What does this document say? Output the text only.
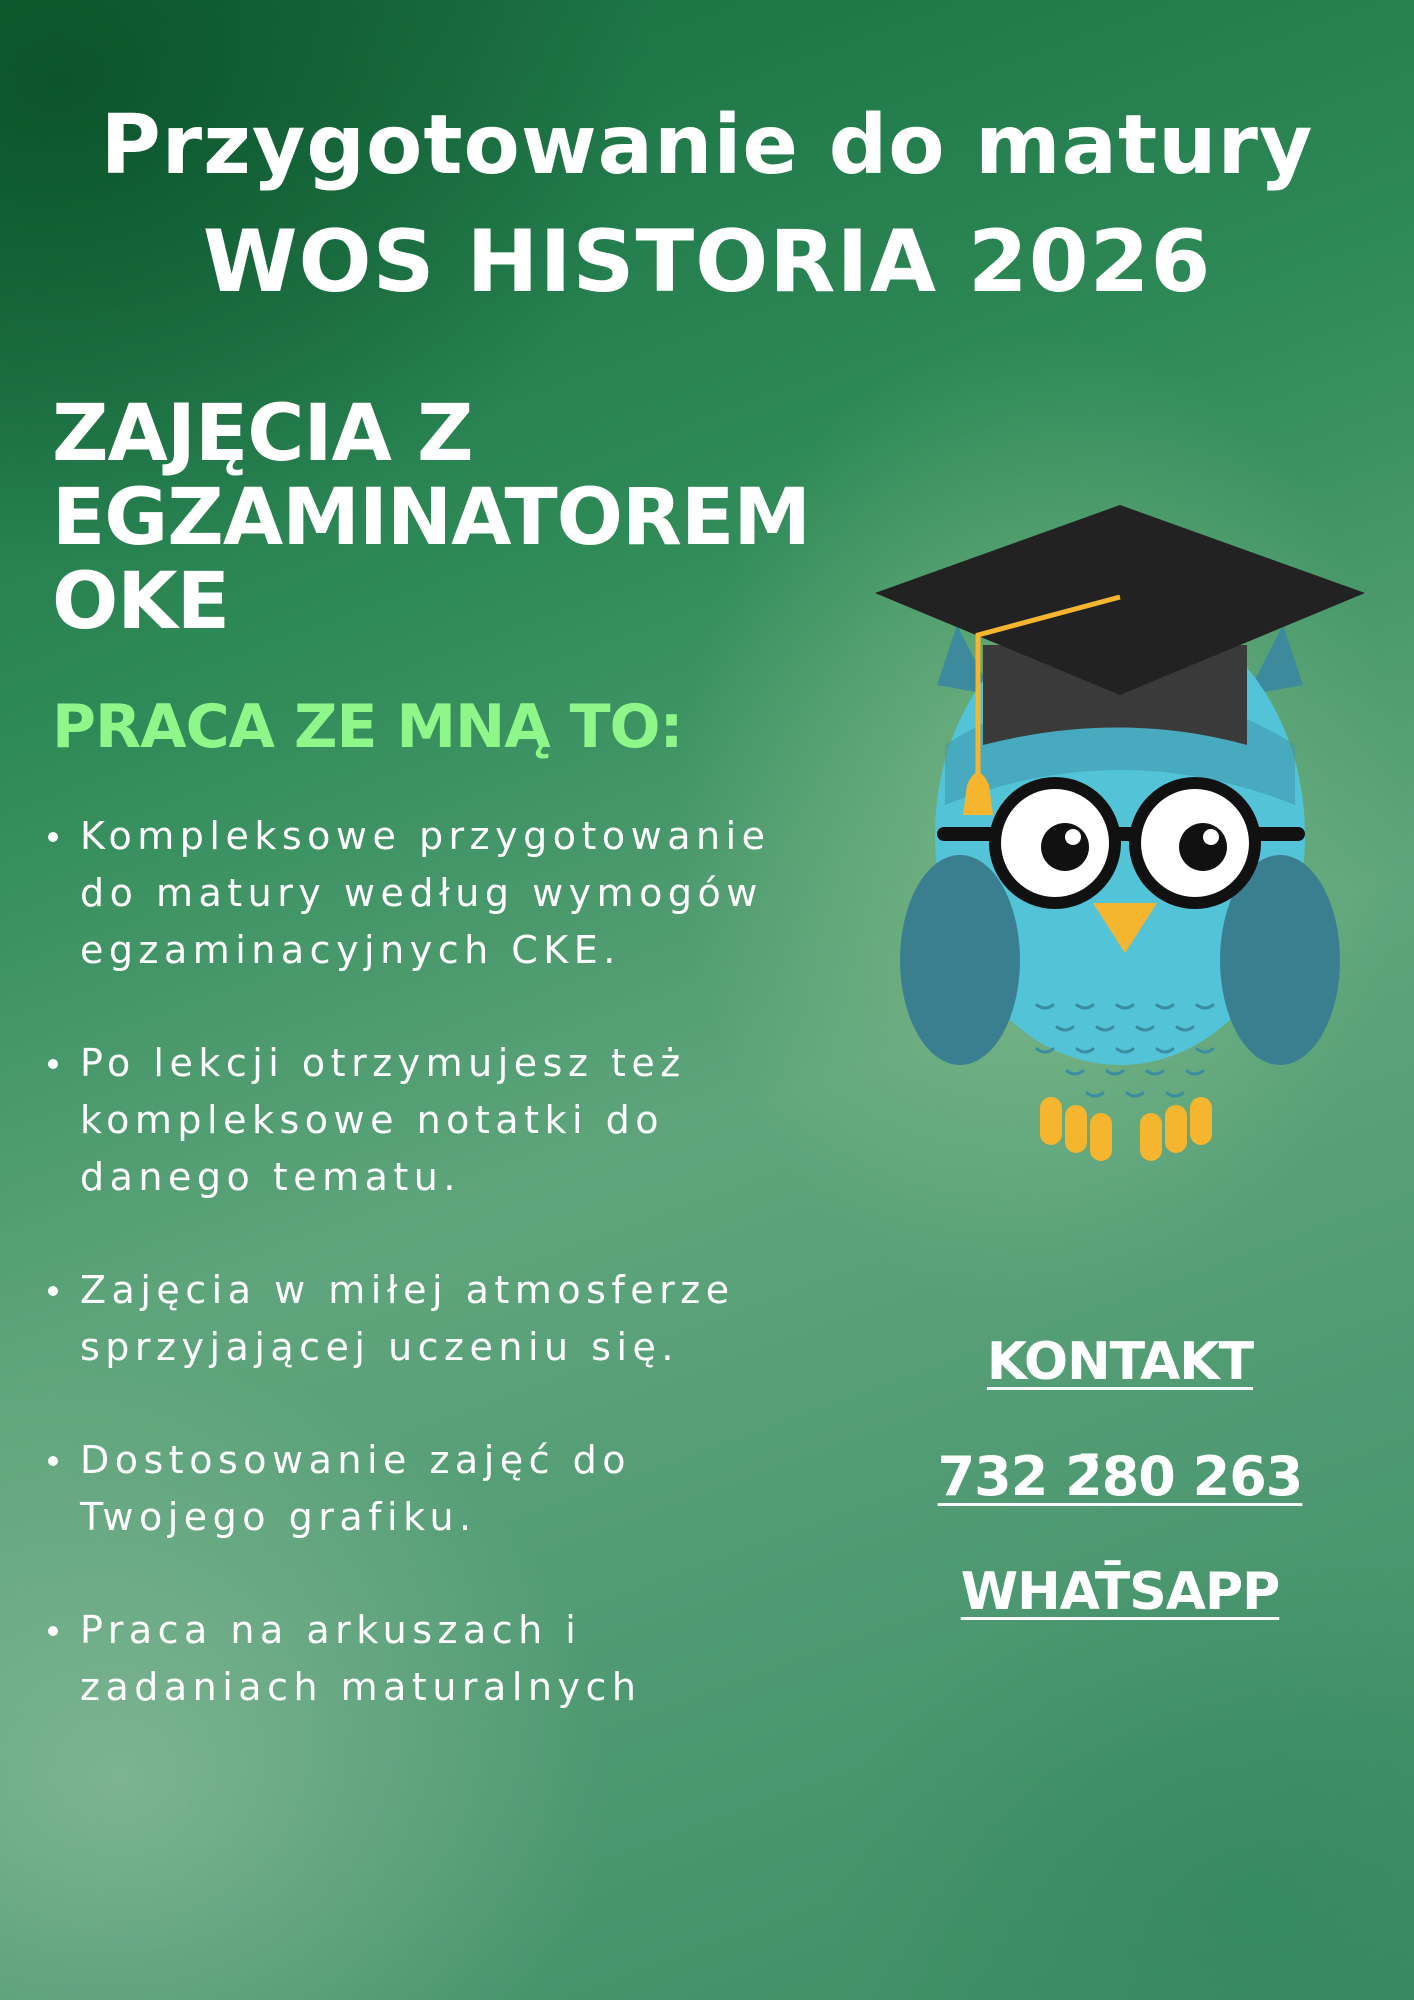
Przygotowanie do matury
WOS HISTORIA 2026
ZAJĘCIA Z
EGZAMINATOREM
OKE
PRACA ZE MNĄ TO:
Kompleksowe przygotowanie
do matury według wymogów
egzaminacyjnych CKE.
Po lekcji otrzymujesz też
kompleksowe notatki do
danego tematu.
Zajęcia w miłej atmosferze
sprzyjającej uczeniu się.
Dostosowanie zajęć do
Twojego grafiku.
Praca na arkuszach i
zadaniach maturalnych
KONTAKT
732 2̄80 263
WHAT̄SAPP
